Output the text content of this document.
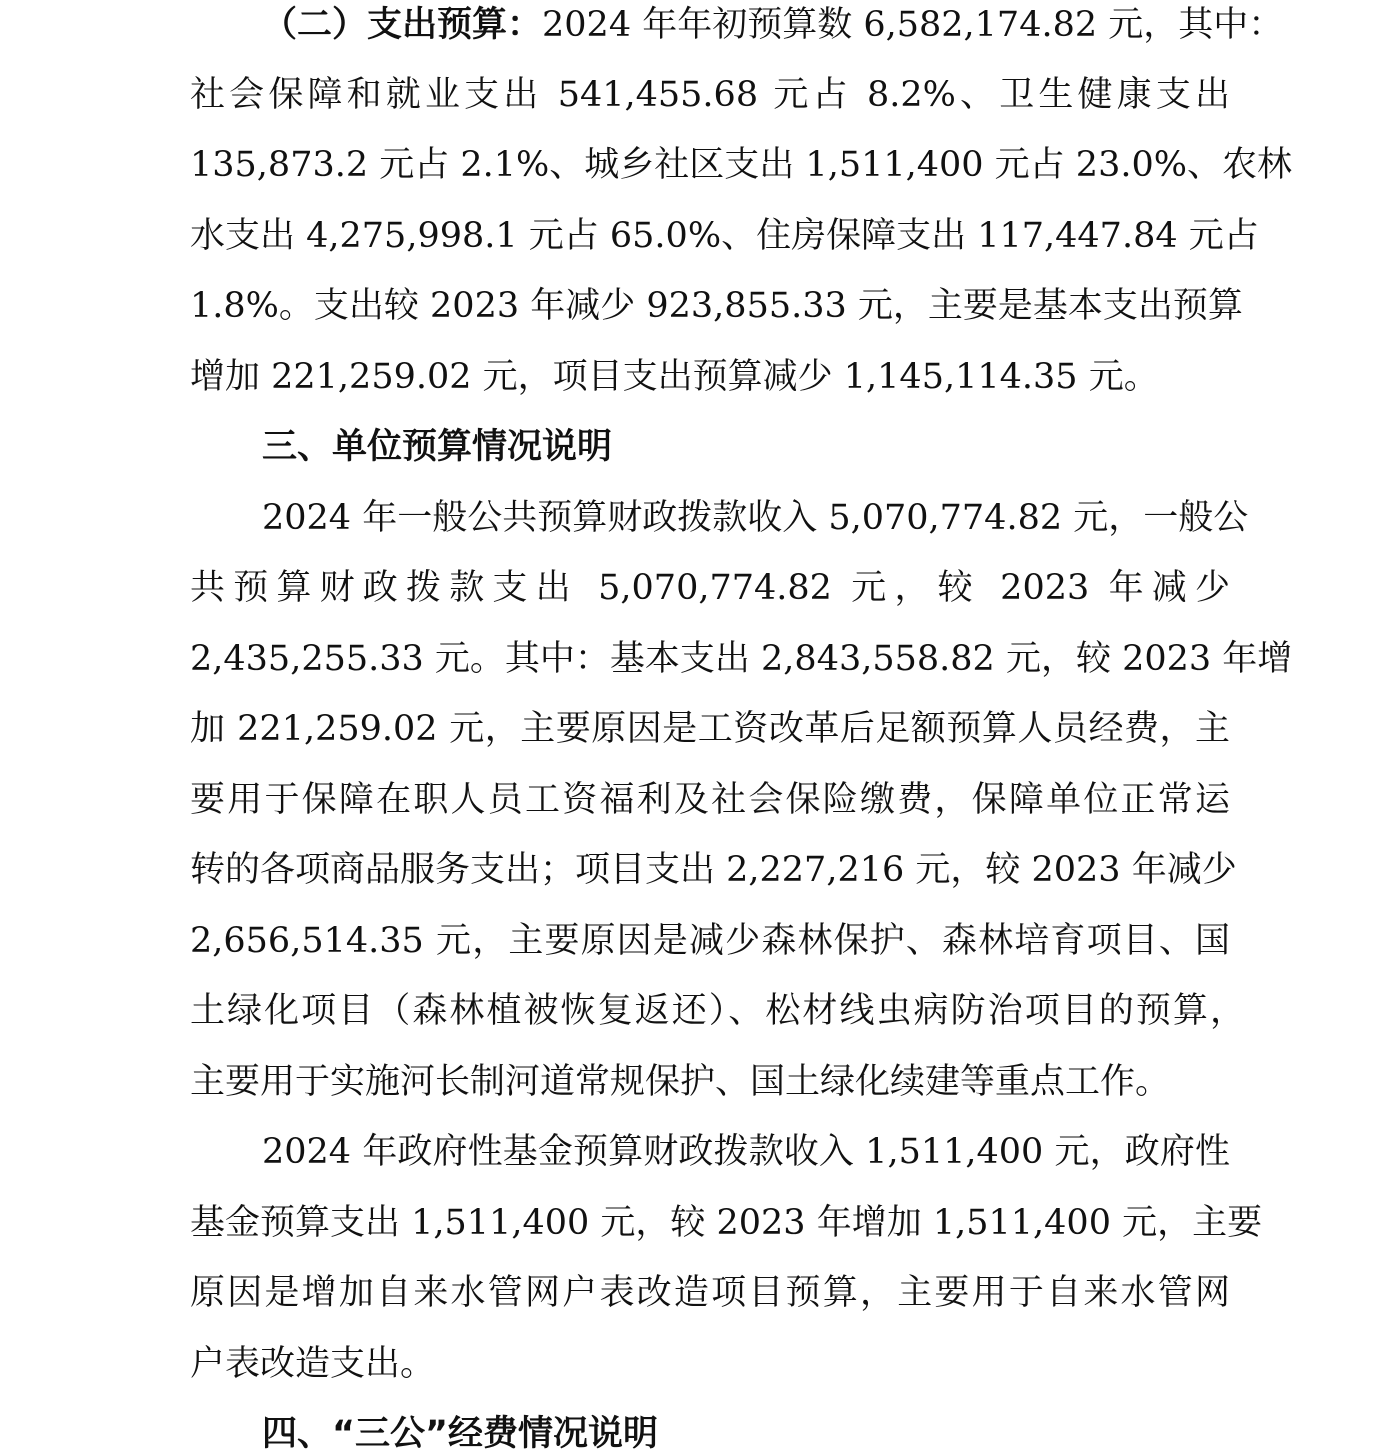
（二）支出预算：2024 年年初预算数 6,582,174.82 元，其中：
社会保障和就业支出 541,455.68 元占 8.2%、卫生健康支出
135,873.2 元占 2.1%、城乡社区支出 1,511,400 元占 23.0%、农林
水支出 4,275,998.1 元占 65.0%、住房保障支出 117,447.84 元占
1.8%。支出较 2023 年减少 923,855.33 元，主要是基本支出预算
增加 221,259.02 元，项目支出预算减少 1,145,114.35 元。
三、单位预算情况说明
2024 年一般公共预算财政拨款收入 5,070,774.82 元，一般公
共预算财政拨款支出 5,070,774.82 元，较 2023 年减少
2,435,255.33 元。其中：基本支出 2,843,558.82 元，较 2023 年增
加 221,259.02 元，主要原因是工资改革后足额预算人员经费，主
要用于保障在职人员工资福利及社会保险缴费，保障单位正常运
转的各项商品服务支出；项目支出 2,227,216 元，较 2023 年减少
2,656,514.35 元，主要原因是减少森林保护、森林培育项目、国
土绿化项目（森林植被恢复返还）、松材线虫病防治项目的预算，
主要用于实施河长制河道常规保护、国土绿化续建等重点工作。
2024 年政府性基金预算财政拨款收入 1,511,400 元，政府性
基金预算支出 1,511,400 元，较 2023 年增加 1,511,400 元，主要
原因是增加自来水管网户表改造项目预算，主要用于自来水管网
户表改造支出。
四、“三公”经费情况说明
